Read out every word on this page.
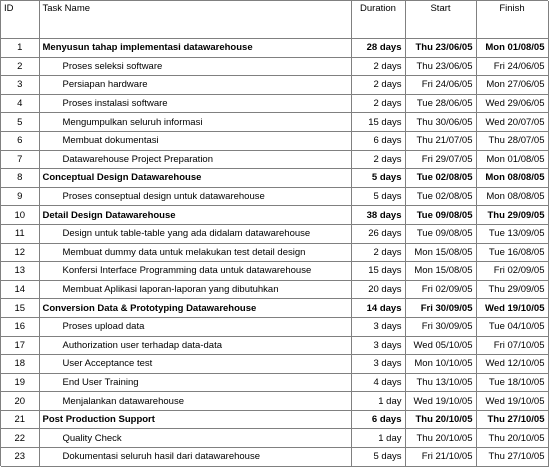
ID	Task Name	Duration	Start	Finish
1	Menyusun tahap implementasi datawarehouse	28 days	Thu 23/06/05	Mon 01/08/05
2	Proses seleksi software	2 days	Thu 23/06/05	Fri 24/06/05
3	Persiapan hardware	2 days	Fri 24/06/05	Mon 27/06/05
4	Proses instalasi software	2 days	Tue 28/06/05	Wed 29/06/05
5	Mengumpulkan seluruh informasi	15 days	Thu 30/06/05	Wed 20/07/05
6	Membuat dokumentasi	6 days	Thu 21/07/05	Thu 28/07/05
7	Datawarehouse Project Preparation	2 days	Fri 29/07/05	Mon 01/08/05
8	Conceptual Design Datawarehouse	5 days	Tue 02/08/05	Mon 08/08/05
9	Proses conseptual design untuk datawarehouse	5 days	Tue 02/08/05	Mon 08/08/05
10	Detail Design Datawarehouse	38 days	Tue 09/08/05	Thu 29/09/05
11	Design untuk table-table yang ada didalam datawarehouse	26 days	Tue 09/08/05	Tue 13/09/05
12	Membuat dummy data untuk melakukan test detail design	2 days	Mon 15/08/05	Tue 16/08/05
13	Konfersi Interface Programming data untuk datawarehouse	15 days	Mon 15/08/05	Fri 02/09/05
14	Membuat Aplikasi laporan-laporan yang dibutuhkan	20 days	Fri 02/09/05	Thu 29/09/05
15	Conversion Data & Prototyping Datawarehouse	14 days	Fri 30/09/05	Wed 19/10/05
16	Proses upload data	3 days	Fri 30/09/05	Tue 04/10/05
17	Authorization user terhadap data-data	3 days	Wed 05/10/05	Fri 07/10/05
18	User Acceptance test	3 days	Mon 10/10/05	Wed 12/10/05
19	End User Training	4 days	Thu 13/10/05	Tue 18/10/05
20	Menjalankan datawarehouse	1 day	Wed 19/10/05	Wed 19/10/05
21	Post Production Support	6 days	Thu 20/10/05	Thu 27/10/05
22	Quality Check	1 day	Thu 20/10/05	Thu 20/10/05
23	Dokumentasi seluruh hasil dari datawarehouse	5 days	Fri 21/10/05	Thu 27/10/05
